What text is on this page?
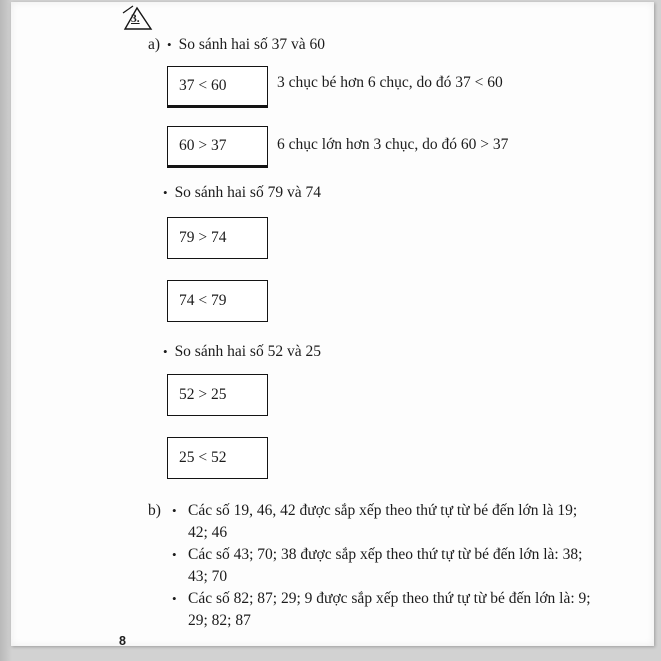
3.
a) • So sánh hai số 37 và 60
37 < 60	3 chục bé hơn 6 chục, do đó 37 < 60
60 > 37	6 chục lớn hơn 3 chục, do đó 60 > 37
• So sánh hai số 79 và 74
79 > 74
74 < 79
• So sánh hai số 52 và 25
52 > 25
25 < 52
b) • Các số 19, 46, 42 được sắp xếp theo thứ tự từ bé đến lớn là 19; 42; 46
• Các số 43; 70; 38 được sắp xếp theo thứ tự từ bé đến lớn là: 38; 43; 70
• Các số 82; 87; 29; 9 được sắp xếp theo thứ tự từ bé đến lớn là: 9; 29; 82; 87
8
